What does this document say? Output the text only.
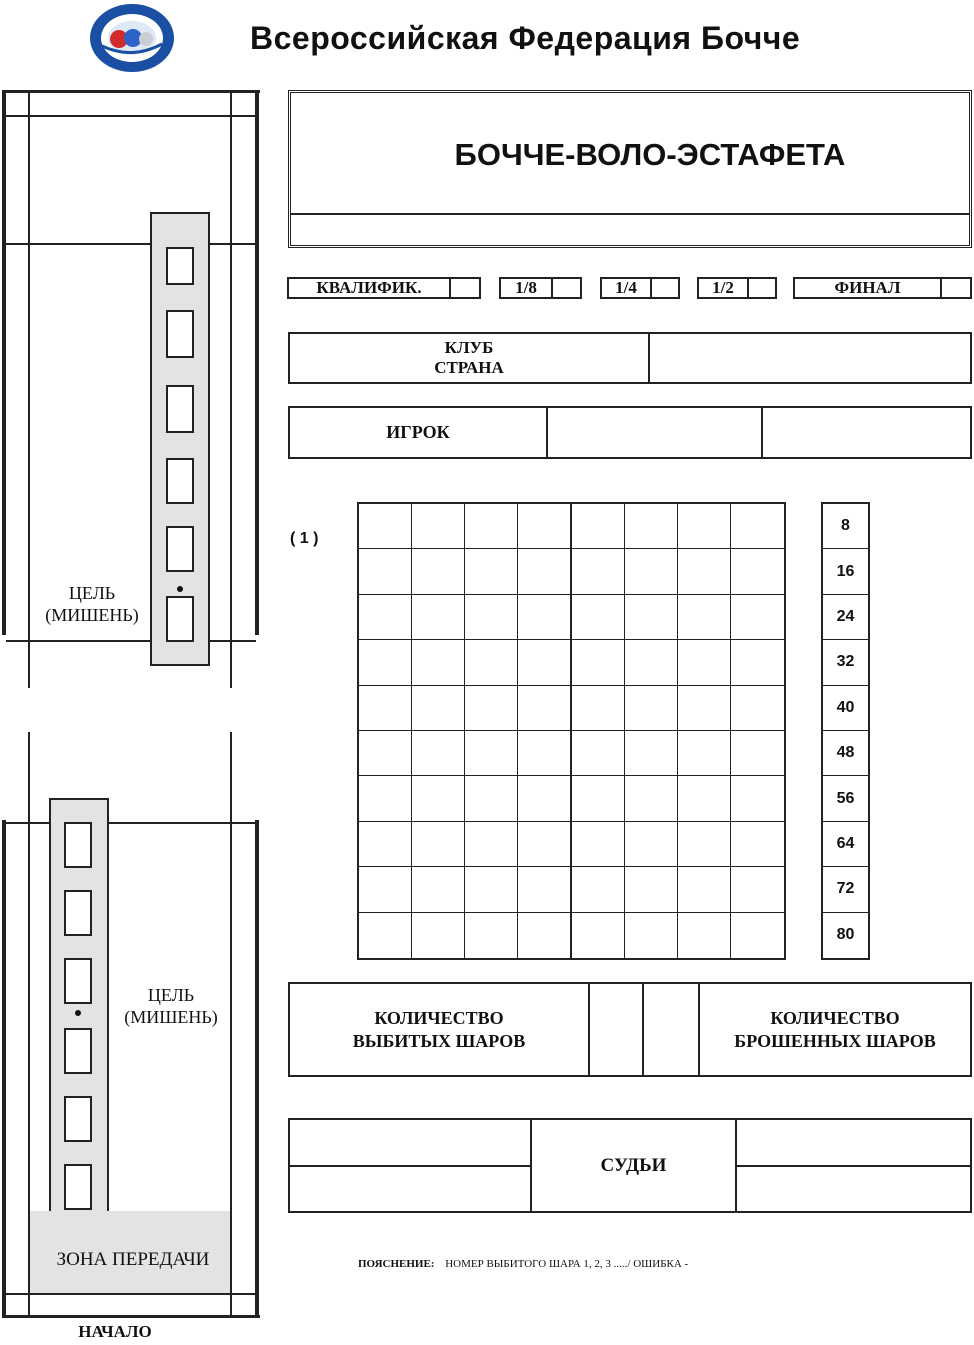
Всероссийская Федерация Бочче
ЦЕЛЬ
(МИШЕНЬ)
ЦЕЛЬ
(МИШЕНЬ)
ЗОНА ПЕРЕДАЧИ
НАЧАЛО
БОЧЧЕ-ВОЛО-ЭСТАФЕТА
КВАЛИФИК.	1/8	1/4	1/2	ФИНАЛ
КЛУБ
СТРАНА
ИГРОК
( 1 )
8
16
24
32
40
48
56
64
72
80
КОЛИЧЕСТВО
ВЫБИТЫХ ШАРОВ
КОЛИЧЕСТВО
БРОШЕННЫХ ШАРОВ
СУДЬИ
ПОЯСНЕНИЕ: НОМЕР ВЫБИТОГО ШАРА 1, 2, 3 ...../ ОШИБКА -
